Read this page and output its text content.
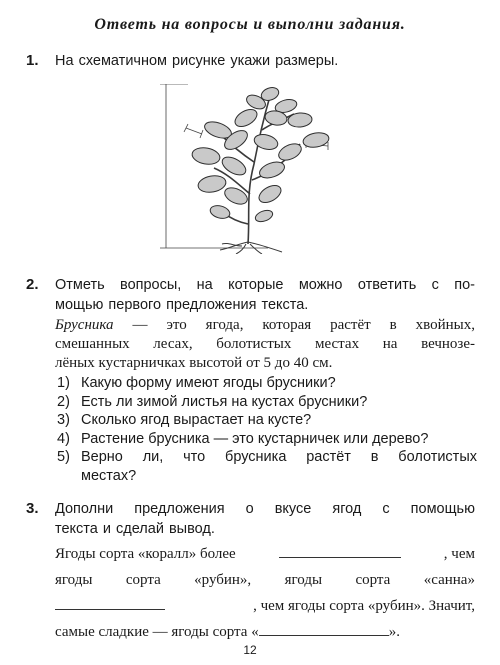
Ответь на вопросы и выполни задания.
1. На схематичном рисунке укажи размеры.
2. Отметь вопросы, на которые можно ответить с по-
мощью первого предложения текста.
Брусника — это ягода, которая растёт в хвойных,
смешанных лесах, болотистых местах на вечнозе-
лёных кустарничках высотой от 5 до 40 см.
1) Какую форму имеют ягоды брусники?
2) Есть ли зимой листья на кустах брусники?
3) Сколько ягод вырастает на кусте?
4) Растение брусника — это кустарничек или дерево?
5) Верно ли, что брусника растёт в болотистых
местах?
3. Дополни предложения о вкусе ягод с помощью
текста и сделай вывод.
Ягоды сорта «коралл» более	, чем
ягоды сорта «рубин», ягоды сорта «санна»
, чем ягоды сорта «рубин». Значит,
самые сладкие — ягоды сорта «	».
12
